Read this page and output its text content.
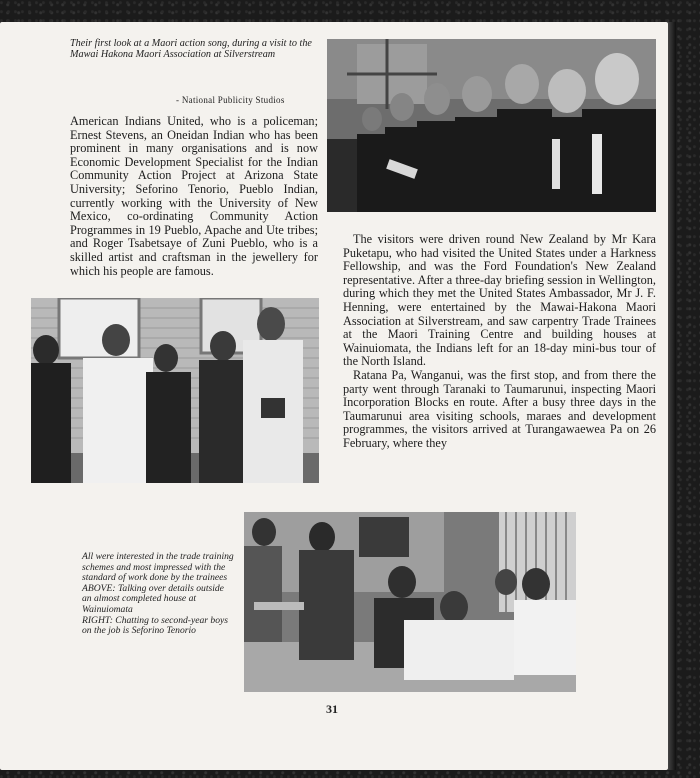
Their first look at a Maori action song, during a visit to the Mawai Hakona Maori Association at Silverstream
- National Publicity Studios

American Indians United, who is a policeman; Ernest Stevens, an Oneidan Indian who has been prominent in many organisations and is now Economic Development Specialist for the Indian Community Action Project at Arizona State University; Seforino Tenorio, Pueblo Indian, currently working with the University of New Mexico, co-ordinating Community Action Programmes in 19 Pueblo, Apache and Ute tribes; and Roger Tsabetsaye of Zuni Pueblo, who is a skilled artist and craftsman in the jewellery for which his people are famous.

The visitors were driven round New Zealand by Mr Kara Puketapu, who had visited the United States under a Harkness Fellowship, and was the Ford Foundation's New Zealand representative. After a three-day briefing session in Wellington, during which they met the United States Ambassador, Mr J. F. Henning, were entertained by the Mawai-Hakona Maori Association at Silverstream, and saw carpentry Trade Trainees at the Maori Training Centre and building houses at Wainuiomata, the Indians left for an 18-day mini-bus tour of the North Island.

Ratana Pa, Wanganui, was the first stop, and from there the party went through Taranaki to Taumarunui, inspecting Maori Incorporation Blocks en route. After a busy three days in the Taumarunui area visiting schools, maraes and development programmes, the visitors arrived at Turangawaewea Pa on 26 February, where they

All were interested in the trade training schemes and most impressed with the standard of work done by the trainees

ABOVE: Talking over details outside an almost completed house at Wainuiomata

RIGHT: Chatting to second-year boys on the job is Seforino Tenorio

31
